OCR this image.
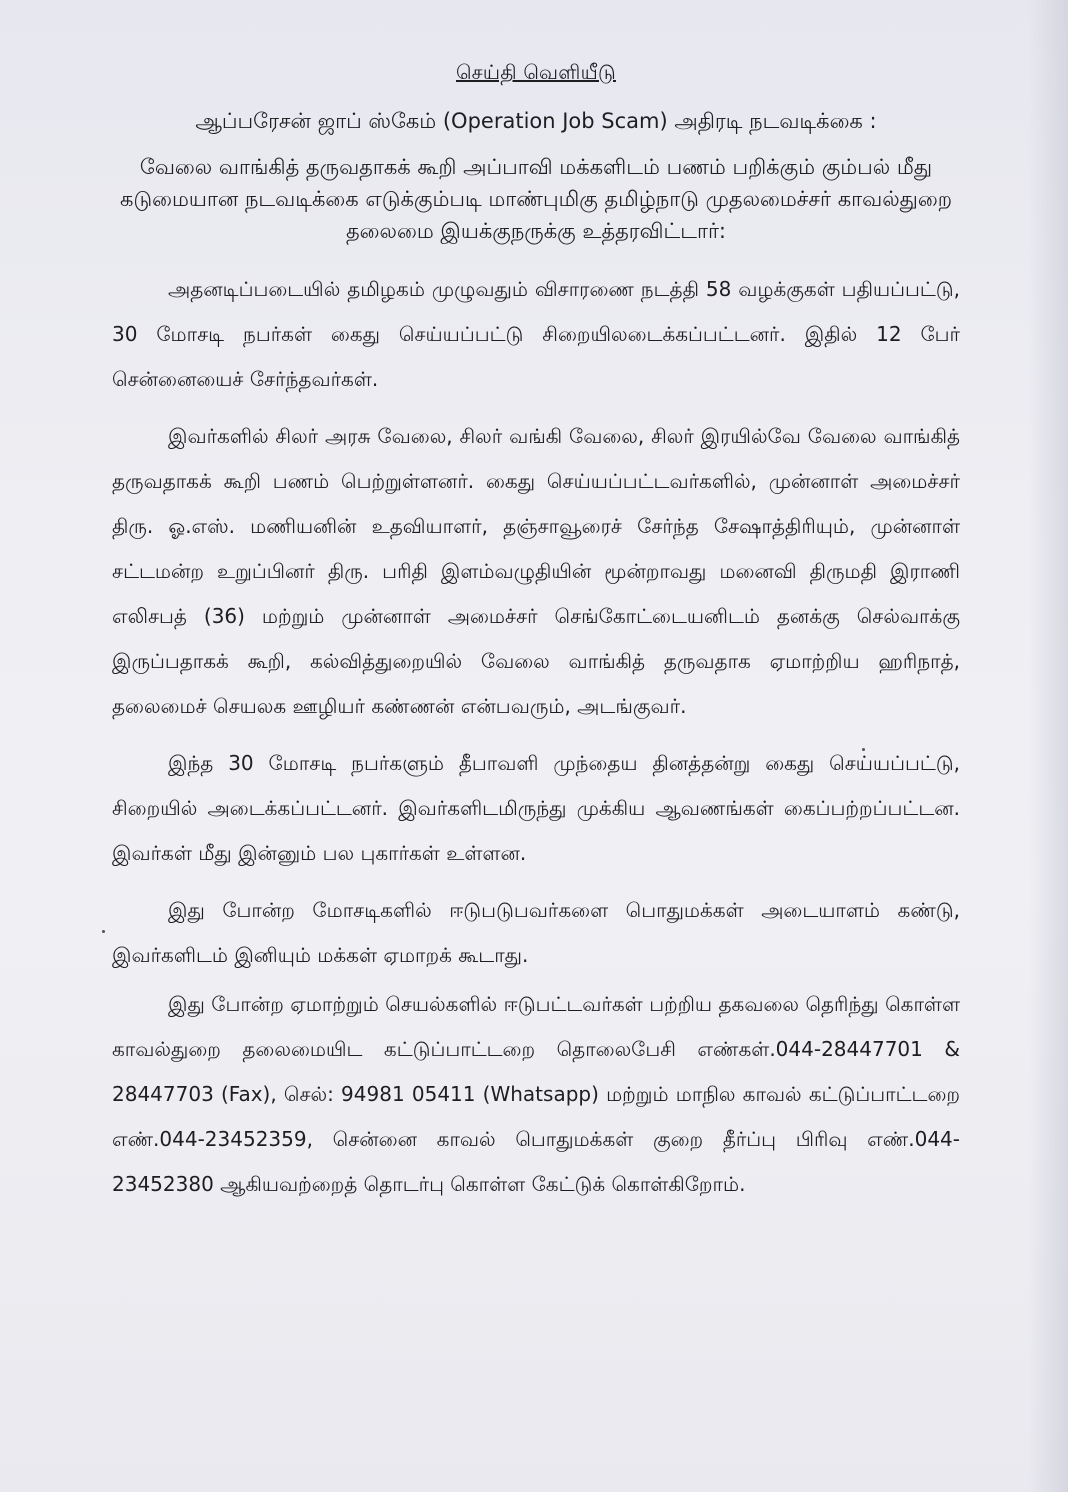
செய்தி வெளியீடு
ஆப்பரேசன் ஜாப் ஸ்கேம் (Operation Job Scam) அதிரடி நடவடிக்கை :
வேலை வாங்கித் தருவதாகக் கூறி அப்பாவி மக்களிடம் பணம் பறிக்கும் கும்பல் மீது கடுமையான நடவடிக்கை எடுக்கும்படி மாண்புமிகு தமிழ்நாடு முதலமைச்சர் காவல்துறை தலைமை இயக்குநருக்கு உத்தரவிட்டார்:

அதனடிப்படையில் தமிழகம் முழுவதும் விசாரணை நடத்தி 58 வழக்குகள் பதியப்பட்டு, 30 மோசடி நபர்கள் கைது செய்யப்பட்டு சிறையிலடைக்கப்பட்டனர். இதில் 12 பேர் சென்னையைச் சேர்ந்தவர்கள்.

இவர்களில் சிலர் அரசு வேலை, சிலர் வங்கி வேலை, சிலர் இரயில்வே வேலை வாங்கித் தருவதாகக் கூறி பணம் பெற்றுள்ளனர். கைது செய்யப்பட்டவர்களில், முன்னாள் அமைச்சர் திரு. ஓ.எஸ். மணியனின் உதவியாளர், தஞ்சாவூரைச் சேர்ந்த சேஷாத்திரியும், முன்னாள் சட்டமன்ற உறுப்பினர் திரு. பரிதி இளம்வழுதியின் மூன்றாவது மனைவி திருமதி இராணி எலிசபத் (36) மற்றும் முன்னாள் அமைச்சர் செங்கோட்டையனிடம் தனக்கு செல்வாக்கு இருப்பதாகக் கூறி, கல்வித்துறையில் வேலை வாங்கித் தருவதாக ஏமாற்றிய ஹரிநாத், தலைமைச் செயலக ஊழியர் கண்ணன் என்பவரும், அடங்குவர்.

இந்த 30 மோசடி நபர்களும் தீபாவளி முந்தைய தினத்தன்று கைது செய்யப்பட்டு, சிறையில் அடைக்கப்பட்டனர். இவர்களிடமிருந்து முக்கிய ஆவணங்கள் கைப்பற்றப்பட்டன. இவர்கள் மீது இன்னும் பல புகார்கள் உள்ளன.

இது போன்ற மோசடிகளில் ஈடுபடுபவர்களை பொதுமக்கள் அடையாளம் கண்டு, இவர்களிடம் இனியும் மக்கள் ஏமாறக் கூடாது.

இது போன்ற ஏமாற்றும் செயல்களில் ஈடுபட்டவர்கள் பற்றிய தகவலை தெரிந்து கொள்ள காவல்துறை தலைமையிட கட்டுப்பாட்டறை தொலைபேசி எண்கள்.044-28447701 & 28447703 (Fax), செல்: 94981 05411 (Whatsapp) மற்றும் மாநில காவல் கட்டுப்பாட்டறை எண்.044-23452359, சென்னை காவல் பொதுமக்கள் குறை தீர்ப்பு பிரிவு எண்.044-23452380 ஆகியவற்றைத் தொடர்பு கொள்ள கேட்டுக் கொள்கிறோம்.
